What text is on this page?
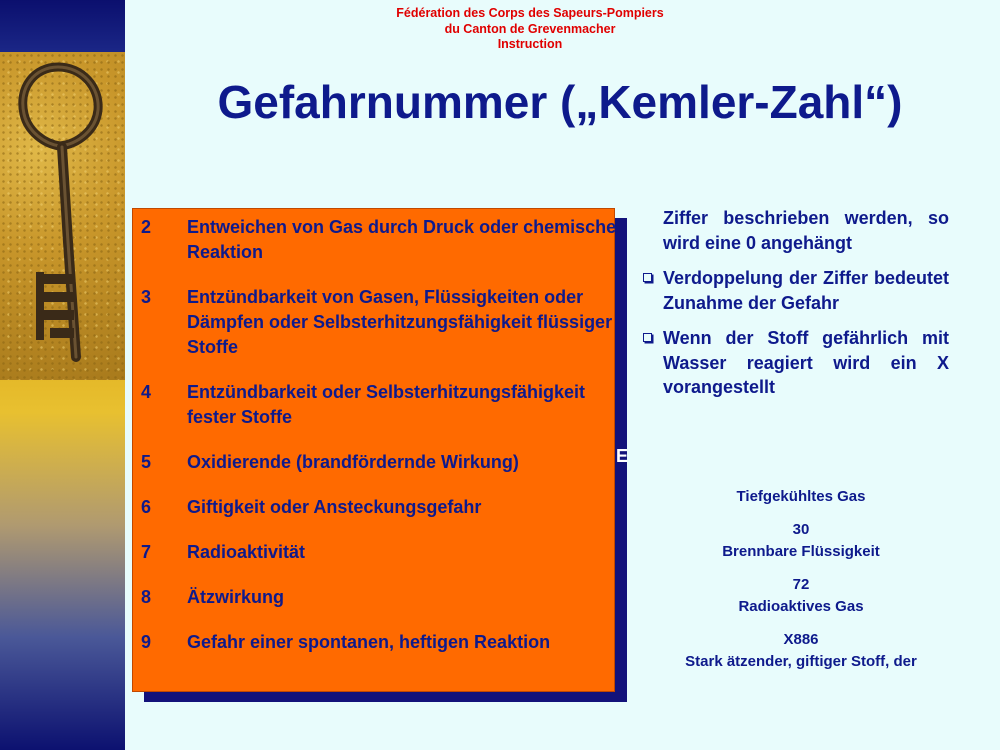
Fédération des Corps des Sapeurs-Pompiers
du Canton de Grevenmacher
Instruction
Gefahrnummer („Kemler-Zahl“)
E
2	Entweichen von Gas durch Druck oder chemische Reaktion
3	Entzündbarkeit von Gasen, Flüssigkeiten oder Dämpfen oder Selbsterhitzungsfähigkeit flüssiger Stoffe
4	Entzündbarkeit oder Selbsterhitzungsfähigkeit fester Stoffe
5	Oxidierende (brandfördernde Wirkung)
6	Giftigkeit oder Ansteckungsgefahr
7	Radioaktivität
8	Ätzwirkung
9	Gefahr einer spontanen, heftigen Reaktion
Ziffer beschrieben werden, so wird eine 0 angehängt
Verdoppelung der Ziffer bedeutet Zunahme der Gefahr
Wenn der Stoff gefährlich mit Wasser reagiert wird ein X vorangestellt
Tiefgekühltes Gas
30
Brennbare Flüssigkeit
72
Radioaktives Gas
X886
Stark ätzender, giftiger Stoff, der
